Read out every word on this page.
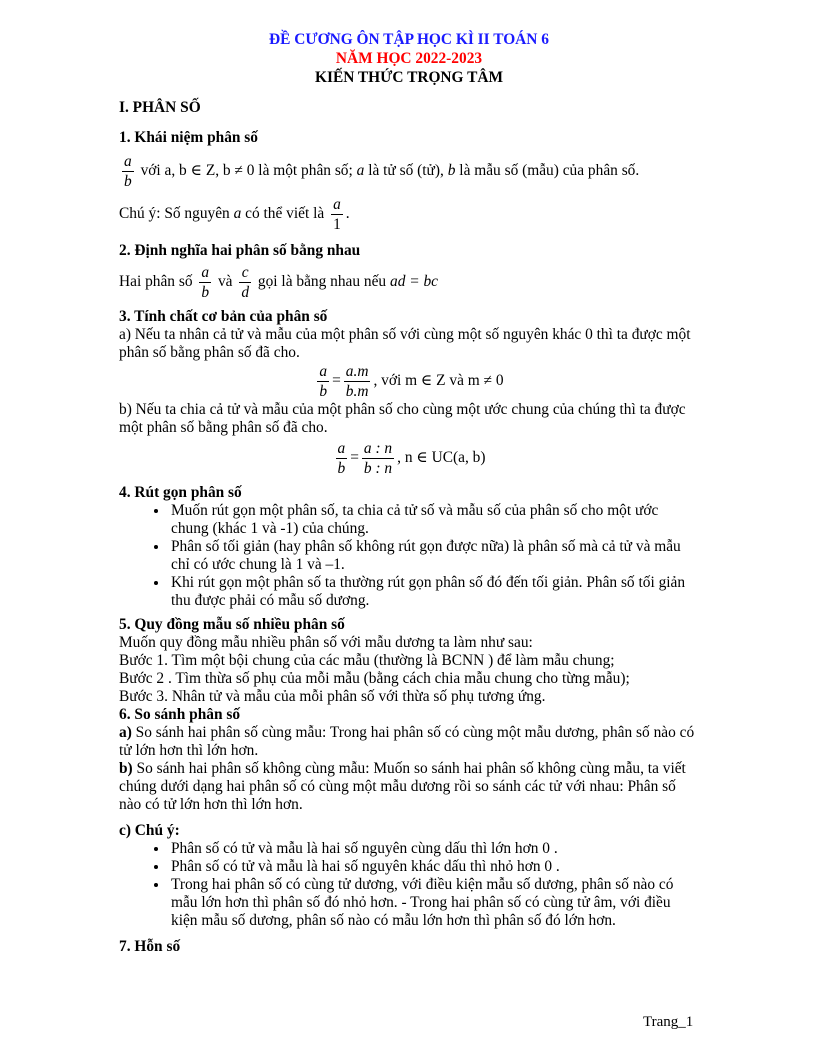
ĐỀ CƯƠNG ÔN TẬP HỌC KÌ II TOÁN 6
NĂM HỌC 2022-2023
KIẾN THỨC TRỌNG TÂM
I. PHÂN SỐ
1. Khái niệm phân số
$\frac{a}{b}$ với a, b ∈ Z, b ≠ 0 là một phân số; a là tử số (tử), b là mẫu số (mẫu) của phân số.
Chú ý: Số nguyên a có thể viết là $\frac{a}{1}$ .
2. Định nghĩa hai phân số bằng nhau
Hai phân số $\frac{a}{b}$ và $\frac{c}{d}$ gọi là bằng nhau nếu ad = bc
3. Tính chất cơ bản của phân số
a) Nếu ta nhân cả tử và mẫu của một phân số với cùng một số nguyên khác 0 thì ta được một phân số bằng phân số đã cho.
$\frac{a}{b} = \frac{a.m}{b.m}$ , với m ∈ Z và m ≠ 0
b) Nếu ta chia cả tử và mẫu của một phân số cho cùng một ước chung của chúng thì ta được một phân số bằng phân số đã cho.
$\frac{a}{b} = \frac{a : n}{b : n}$ , n ∈ UC(a, b)
4. Rút gọn phân số
• Muốn rút gọn một phân số, ta chia cả tử số và mẫu số của phân số cho một ước chung (khác 1 và -1) của chúng.
• Phân số tối giản (hay phân số không rút gọn được nữa) là phân số mà cả tử và mẫu chỉ có ước chung là 1 và –1.
• Khi rút gọn một phân số ta thường rút gọn phân số đó đến tối giản. Phân số tối giản thu được phải có mẫu số dương.
5. Quy đồng mẫu số nhiều phân số
Muốn quy đồng mẫu nhiều phân số với mẫu dương ta làm như sau:
Bước 1. Tìm một bội chung của các mẫu (thường là BCNN ) để làm mẫu chung;
Bước 2 . Tìm thừa số phụ của mỗi mẫu (bằng cách chia mẫu chung cho từng mẫu);
Bước 3. Nhân tử và mẫu của mỗi phân số với thừa số phụ tương ứng.
6. So sánh phân số
a) So sánh hai phân số cùng mẫu: Trong hai phân số có cùng một mẫu dương, phân số nào có tử lớn hơn thì lớn hơn.
b) So sánh hai phân số không cùng mẫu: Muốn so sánh hai phân số không cùng mẫu, ta viết chúng dưới dạng hai phân số có cùng một mẫu dương rồi so sánh các tử với nhau: Phân số nào có tử lớn hơn thì lớn hơn.
c) Chú ý:
• Phân số có tử và mẫu là hai số nguyên cùng dấu thì lớn hơn 0 .
• Phân số có tử và mẫu là hai số nguyên khác dấu thì nhỏ hơn 0 .
• Trong hai phân số có cùng tử dương, với điều kiện mẫu số dương, phân số nào có mẫu lớn hơn thì phân số đó nhỏ hơn. - Trong hai phân số có cùng tử âm, với điều kiện mẫu số dương, phân số nào có mẫu lớn hơn thì phân số đó lớn hơn.
7. Hỗn số
Trang_1
